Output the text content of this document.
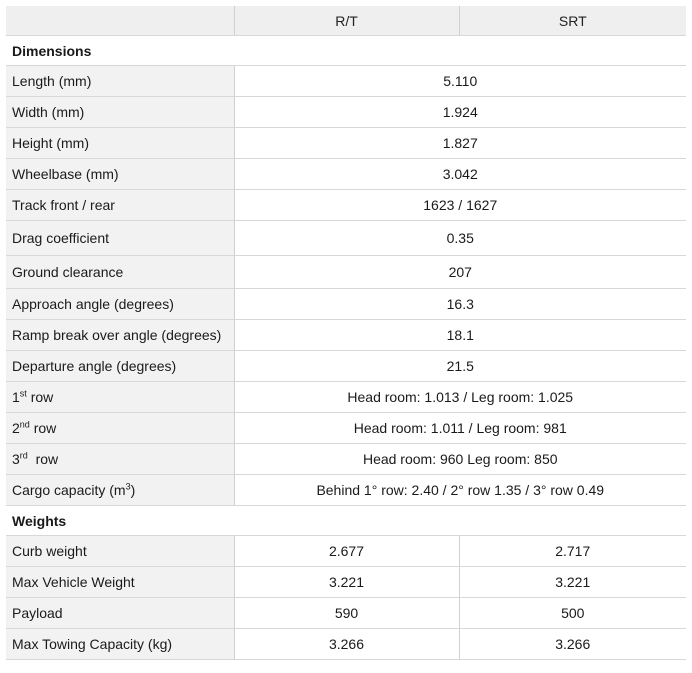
	R/T	SRT
Dimensions		
Length (mm)	5.110	
Width (mm)	1.924	
Height (mm)	1.827	
Wheelbase (mm)	3.042	
Track front / rear	1623 / 1627	
Drag coefficient	0.35	
Ground clearance	207	
Approach angle (degrees)	16.3	
Ramp break over angle (degrees)	18.1	
Departure angle (degrees)	21.5	
1st row	Head room: 1.013 / Leg room: 1.025	
2nd row	Head room: 1.011 / Leg room: 981	
3rd  row	Head room: 960 Leg room: 850	
Cargo capacity $(m^3)$	Behind 1° row: 2.40 / 2° row 1.35 / 3° row 0.49	
Weights		
Curb weight	2.677	2.717
Max Vehicle Weight	3.221	3.221
Payload	590	500
Max Towing Capacity (kg)	3.266	3.266
